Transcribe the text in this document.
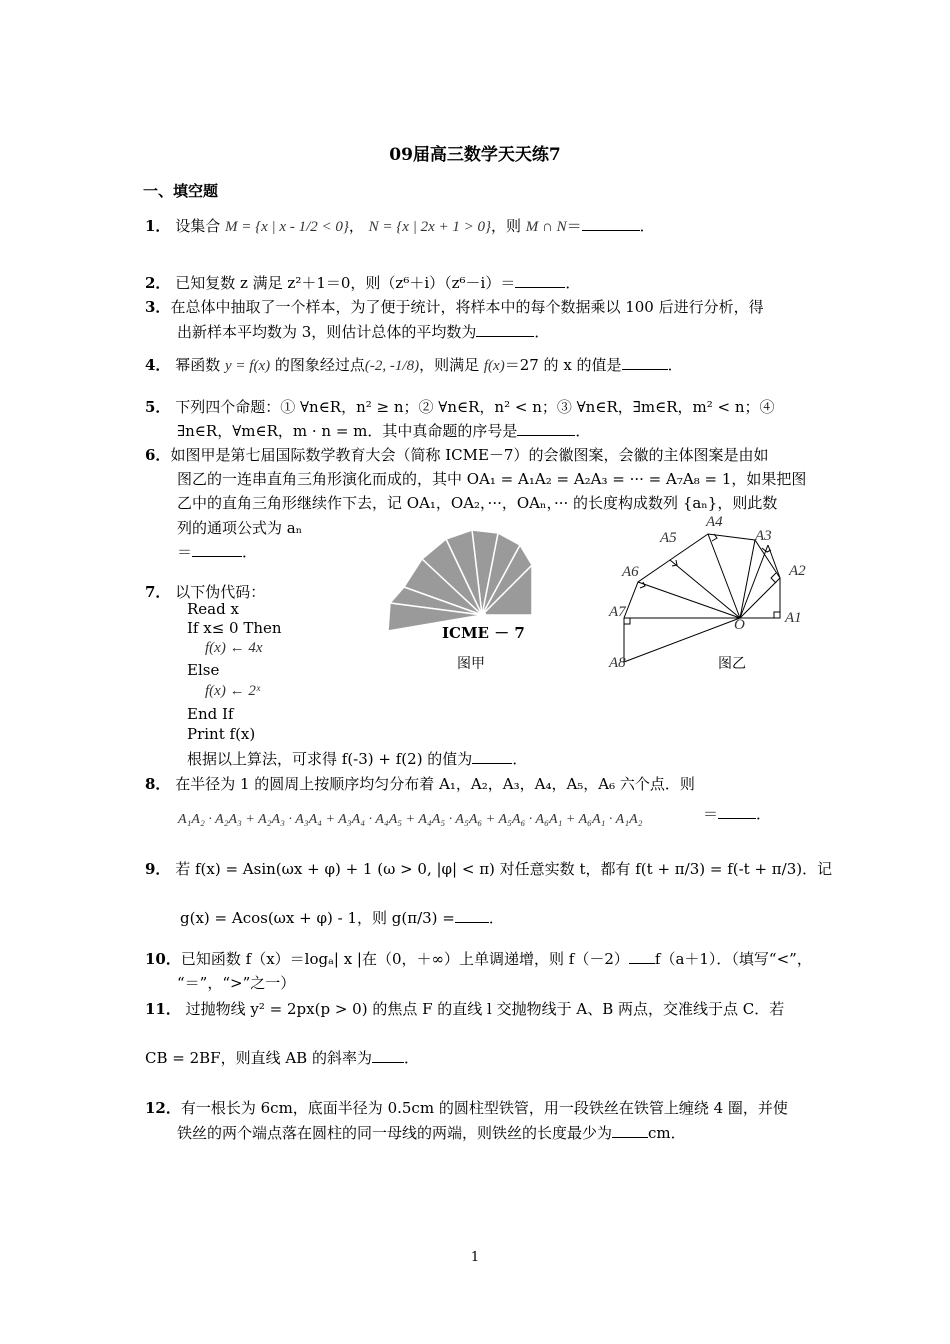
09届高三数学天天练7
一、填空题
1． 设集合 M = {x | x - 1/2 < 0}， N = {x | 2x + 1 > 0}，则 M ∩ N＝	．
2． 已知复数 z 满足 z²＋1＝0，则（z⁶＋i）（z⁶－i）＝	．
3．在总体中抽取了一个样本，为了便于统计，将样本中的每个数据乘以 100 后进行分析，得
出新样本平均数为 3，则估计总体的平均数为	．
4． 幂函数 y = f(x) 的图象经过点(-2, -1/8)，则满足 f(x)＝27 的 x 的值是	．
5． 下列四个命题：① ∀n∈R，n² ≥ n；② ∀n∈R，n² < n；③ ∀n∈R，∃m∈R，m² < n；④
∃n∈R，∀m∈R，m · n = m．其中真命题的序号是	．
6．如图甲是第七届国际数学教育大会（简称 ICME－7）的会徽图案，会徽的主体图案是由如
图乙的一连串直角三角形演化而成的，其中 OA₁ = A₁A₂ = A₂A₃ = ··· = A₇A₈ = 1，如果把图
乙中的直角三角形继续作下去，记 OA₁，OA₂，···，OAₙ，··· 的长度构成数列 {aₙ}，则此数
列的通项公式为 aₙ
＝	．
ICME － 7
图甲
O	A1
A2
A3
A4
A5
A6
A7
A8	图乙
7． 以下伪代码：
Read x
If x≤ 0 Then
f(x) ← 4x
Else
f(x) ← 2ˣ
End If
Print f(x)
根据以上算法，可求得 f(-3) + f(2) 的值为	．
8． 在半径为 1 的圆周上按顺序均匀分布着 A₁，A₂，A₃，A₄，A₅，A₆ 六个点．则
A₁A₂ · A₂A₃ + A₂A₃ · A₃A₄ + A₃A₄ · A₄A₅ + A₄A₅ · A₅A₆ + A₅A₆ · A₆A₁ + A₆A₁ · A₁A₂	＝	．
9． 若 f(x) = Asin(ωx + φ) + 1 (ω > 0, |φ| < π) 对任意实数 t，都有 f(t + π/3) = f(-t + π/3)．记
g(x) = Acos(ωx + φ) - 1，则 g(π/3) = ．
10．已知函数 f（x）＝logₐ| x |在（0，＋∞）上单调递增，则 f（－2） f（a＋1）．（填写“<”，
“＝”，“>”之一）
11． 过抛物线 y² = 2px(p > 0) 的焦点 F 的直线 l 交抛物线于 A、B 两点，交准线于点 C．若
CB = 2BF，则直线 AB 的斜率为 ．
12．有一根长为 6cm，底面半径为 0.5cm 的圆柱型铁管，用一段铁丝在铁管上缠绕 4 圈，并使
铁丝的两个端点落在圆柱的同一母线的两端，则铁丝的长度最少为 cm．
1
